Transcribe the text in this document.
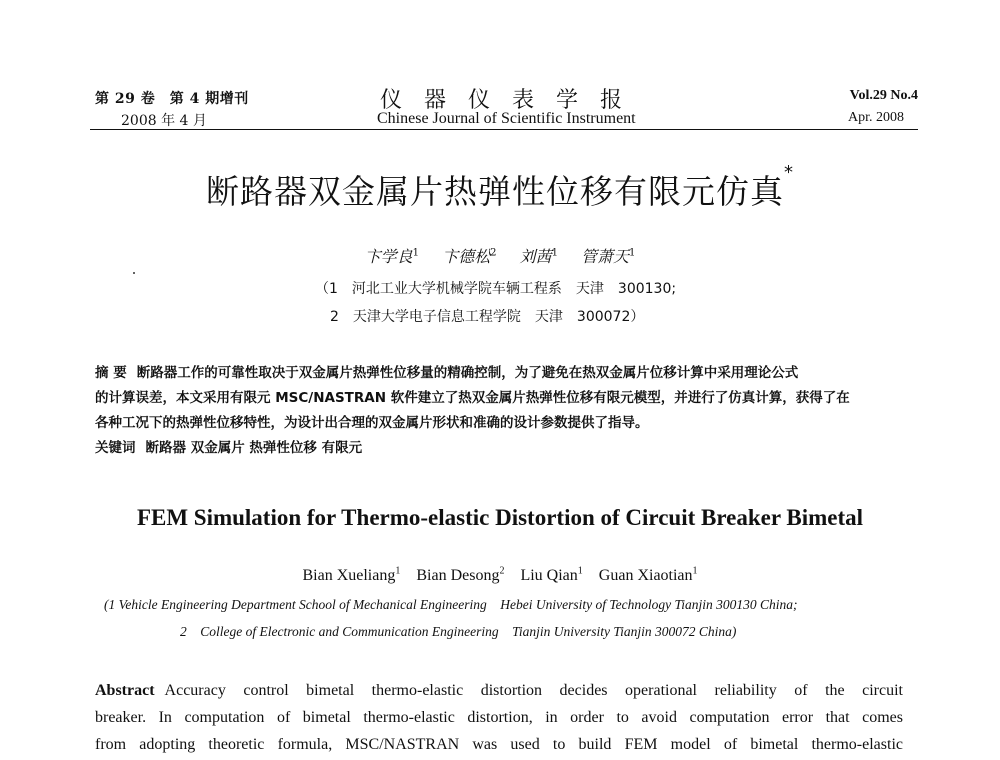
第 29 卷　第 4 期增刊
2008 年 4 月
仪器仪表学报
Chinese Journal of Scientific Instrument
Vol.29 No.4
Apr. 2008
断路器双金属片热弹性位移有限元仿真*
卞学良$^1$ 卞德松$^2$ 刘茜$^1$ 管萧天$^1$
（1　河北工业大学机械学院车辆工程系　天津　300130;
2　天津大学电子信息工程学院　天津　300072）
摘 要 断路器工作的可靠性取决于双金属片热弹性位移量的精确控制，为了避免在热双金属片位移计算中采用理论公式
的计算误差，本文采用有限元 MSC/NASTRAN 软件建立了热双金属片热弹性位移有限元模型，并进行了仿真计算，获得了在
各种工况下的热弹性位移特性，为设计出合理的双金属片形状和准确的设计参数提供了指导。
关键词 断路器 双金属片 热弹性位移 有限元
FEM Simulation for Thermo-elastic Distortion of Circuit Breaker Bimetal
Bian Xueliang$^1$ Bian Desong$^2$ Liu Qian$^1$ Guan Xiaotian$^1$
(1 Vehicle Engineering Department School of Mechanical Engineering　Hebei University of Technology Tianjin 300130 China;
2　College of Electronic and Communication Engineering　Tianjin University Tianjin 300072 China)
Abstract Accuracy control bimetal thermo-elastic distortion decides operational reliability of the circuit
breaker. In computation of bimetal thermo-elastic distortion, in order to avoid computation error that comes
from adopting theoretic formula, MSC/NASTRAN was used to build FEM model of bimetal thermo-elastic
